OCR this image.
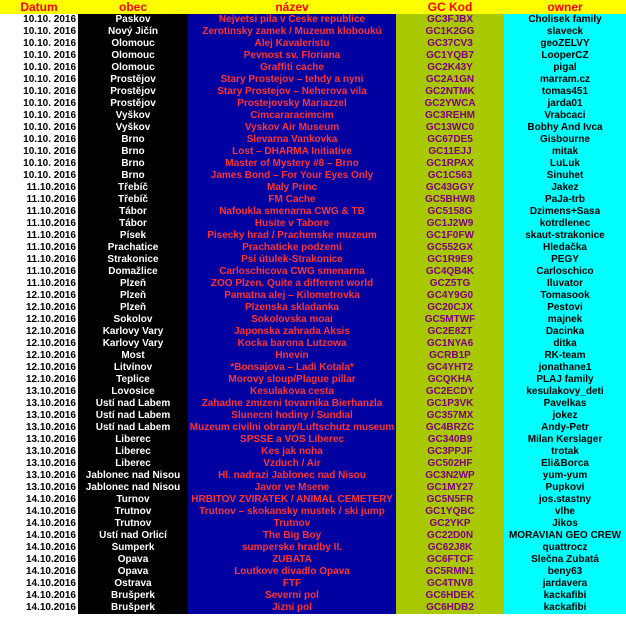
Datum	obec	název	GC Kod	owner
10.10. 2016	Paskov	Nejvetsi pila v Ceske republice	GC3FJBX	Cholisek family
10.10. 2016	Nový Jičín	Zerotinsky zamek / Muzeum kloboukú	GC1K2GG	slaveck
10.10. 2016	Olomouc	Alej Kavaleristu	GC37CV3	geoZELVY
10.10. 2016	Olomouc	Pevnost sv. Floriana	GC1YQB7	LooperCZ
10.10. 2016	Olomouc	Graffiti cache	GC2K43Y	pigal
10.10. 2016	Prostějov	Stary Prostejov – tehdy a nyni	GC2A1GN	marram.cz
10.10. 2016	Prostějov	Stary Prostejov – Neherova vila	GC2NTMK	tomas451
10.10. 2016	Prostějov	Prostejovsky Mariazzel	GC2YWCA	jarda01
10.10. 2016	Vyškov	Cimcararacimcim	GC3REHM	Vrabcaci
10.10. 2016	Vyškov	Vyskov Air Museum	GC13WC0	Bobhy And Ivca
10.10. 2016	Brno	Slevarna Vankovka	GC67DE5	Gisbourne
10.10. 2016	Brno	Lost – DHARMA Initiative	GC11EJJ	mitak
10.10. 2016	Brno	Master of Mystery #8 – Brno	GC1RPAX	LuLuk
10.10. 2016	Brno	James Bond – For Your Eyes Only	GC1C563	Sinuhet
11.10.2016	Třebíč	Maly Princ	GC43GGY	Jakez
11.10.2016	Třebíč	FM Cache	GC5BHW8	PaJa-trb
11.10.2016	Tábor	Nafoukla smenarna CWG & TB	GC5158G	Dzimens+Sasa
11.10.2016	Tábor	Husite v Tabore	GC1J2W9	kotrdlenec
11.10.2016	Písek	Pisecky hrad / Prachenske muzeum	GC1F0FW	skaut-strakonice
11.10.2016	Prachatice	Prachaticke podzemi	GC552GX	Hledačka
11.10.2016	Strakonice	Psí útulek-Strakonice	GC1R9E9	PEGY
11.10.2016	Domažlice	Carloschicova CWG smenarna	GC4QB4K	Carloschico
11.10.2016	Plzeň	ZOO Plzen. Quite a different world	GCZ5TG	Iluvator
12.10.2016	Plzeň	Pamatna alej – Kilometrovka	GC4Y9G0	Tomasook
12.10.2016	Plzeň	Plzenska skladanka	GC20CJX	Pestovi
12.10.2016	Sokolov	Sokolovska moai	GC5MTWF	majnek
12.10.2016	Karlovy Vary	Japonska zahrada Aksis	GC2E8ZT	Dacinka
12.10.2016	Karlovy Vary	Kocka barona Lutzowa	GC1NYA6	ditka
12.10.2016	Most	Hnevin	GCRB1P	RK-team
12.10.2016	Litvínov	*Bonsajova – Ladi Kotala*	GC4YHT2	jonathane1
12.10.2016	Teplice	Morovy sloup/Plague pillar	GCQKHA	PLAJ family
13.10.2016	Lovosice	Kesulakova cesta	GC2ECDY	kesulakovy_deti
13.10.2016	Ústí nad Labem	Zahadne zmizeni tovarnika Bierhanzla	GC1P3VK	Pavelkas
13.10.2016	Ústí nad Labem	Slunecni hodiny / Sundial	GC357MX	jokez
13.10.2016	Ústí nad Labem	Muzeum civilni obrany/Luftschutz museum	GC4BRZC	Andy-Petr
13.10.2016	Liberec	SPSSE a VOS Liberec	GC340B9	Milan Kerslager
13.10.2016	Liberec	Kes jak noha	GC3PPJF	trotak
13.10.2016	Liberec	Vzduch / Air	GC502HF	Eli&Borca
13.10.2016	Jablonec nad Nisou	Hl. nadrazi Jablonec nad Nisou	GC3N2WP	yum-yum
13.10.2016	Jablonec nad Nisou	Javor ve Msene	GC1MY27	Pupkovi
14.10.2016	Turnov	HRBITOV ZVIRATEK / ANIMAL CEMETERY	GC5N5FR	jos.stastny
14.10.2016	Trutnov	Trutnov – skokansky mustek / ski jump	GC1YQBC	vlhe
14.10.2016	Trutnov	Trutnov	GC2YKP	Jikos
14.10.2016	Ústí nad Orlicí	The Big Boy	GC22D0N	MORAVIAN GEO CREW
14.10.2016	Šumperk	sumperske hradby II.	GC62J8K	quattrocz
14.10.2016	Opava	ZUBATA	GC6FTCF	Slečna Zubatá
14.10.2016	Opava	Loutkove divadlo Opava	GC5RMN1	beny63
14.10.2016	Ostrava	FTF	GC4TNV8	jardavera
14.10.2016	Brušperk	Severni pol	GC6HDEK	kackafibi
14.10.2016	Brušperk	Jizni pol	GC6HDB2	kackafibi
